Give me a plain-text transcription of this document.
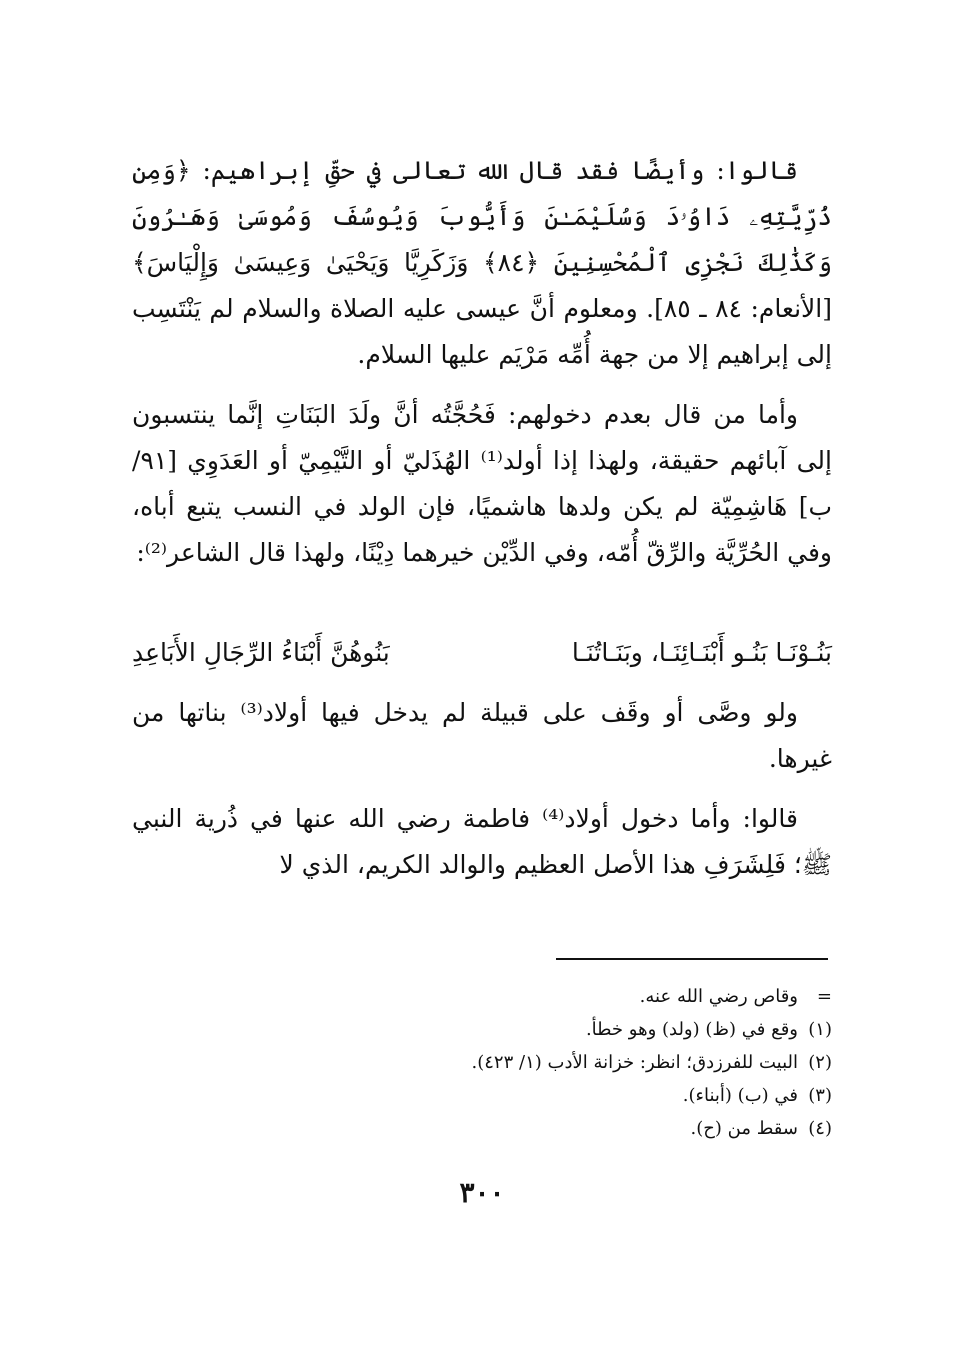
قالوا: وأيضًا فقد قال الله تعالى في حقِّ إبراهيم: ﴿وَمِن ذُرِّيَّتِهِۦ دَاوُۥدَ وَسُلَيْمَـٰنَ وَأَيُّوبَ وَيُوسُفَ وَمُوسَىٰ وَهَـٰرُونَ وَكَذَٰلِكَ نَجْزِى ٱلْمُحْسِنِينَ ﴿٨٤﴾ وَزَكَرِيَّا وَيَحْيَىٰ وَعِيسَىٰ وَإِلْيَاسَ﴾ [الأنعام: ٨٤ ـ ٨٥]. ومعلوم أنَّ عيسى عليه الصلاة والسلام لم يَنْتَسِب إلى إبراهيم إلا من جهة أُمِّه مَرْيَم عليها السلام.

وأما من قال بعدم دخولهم: فَحُجَّتُه أنَّ ولَدَ البَنَاتِ إنَّما ينتسبون إلى آبائهم حقيقة، ولهذا إذا أولد⁽¹⁾ الهُذَليّ أو التَّيْمِيّ أو العَدَوِي [٩١/ب] هَاشِمِيّة لم يكن ولدها هاشميًا، فإن الولد في النسب يتبع أباه، وفي الحُرِّيَّة والرِّقّ أُمّه، وفي الدِّيْن خيرهما دِيْنًا، ولهذا قال الشاعر⁽²⁾:

بَنُـوْنَـا بَنُـو أَبْنَـائِنَـا، وبَنَـاتُنَـا
بَنُوهُنَّ أَبْنَاءُ الرِّجَالِ الأَبَاعِدِ

ولو وصَّى أو وقَف على قبيلة لم يدخل فيها أولاد⁽³⁾ بناتها من غيرها.

قالوا: وأما دخول أولاد⁽⁴⁾ فاطمة رضي الله عنها في ذُرية النبي ﷺ؛ فَلِشَرَفِ هذا الأصل العظيم والوالد الكريم، الذي لا

=
وقاص رضي الله عنه.
(١)
وقع في (ظ) (ولد) وهو خطأ.
(٢)
البيت للفرزدق؛ انظر: خزانة الأدب (١/ ٤٢٣).
(٣)
في (ب) (أبناء).
(٤)
سقط من (ح).
٣٠٠
